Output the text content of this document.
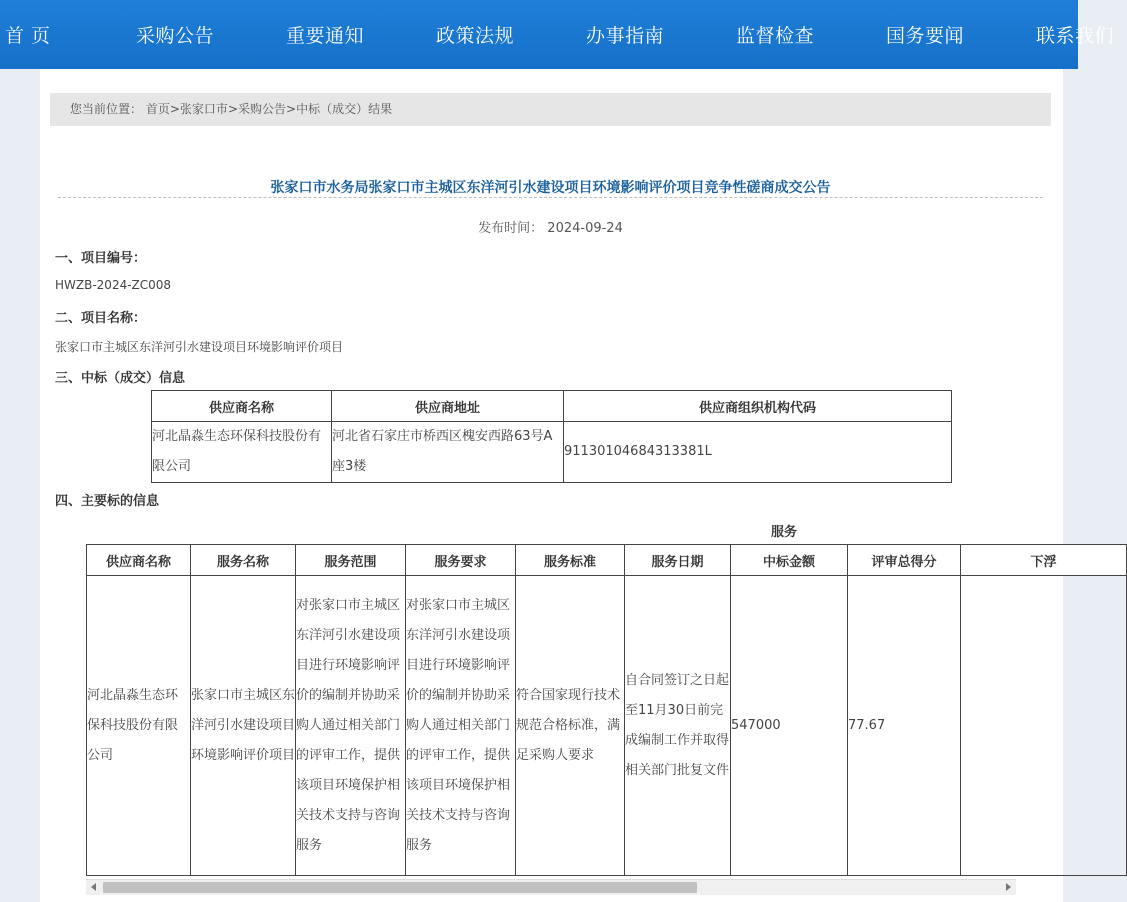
首 页	采购公告	重要通知	政策法规	办事指南	监督检查	国务要闻	联系我们
您当前位置： 首页>张家口市>采购公告>中标（成交）结果
张家口市水务局张家口市主城区东洋河引水建设项目环境影响评价项目竞争性磋商成交公告
发布时间： 2024-09-24
一、项目编号：
HWZB-2024-ZC008
二、项目名称：
张家口市主城区东洋河引水建设项目环境影响评价项目
三、中标（成交）信息
供应商名称	供应商地址	供应商组织机构代码
河北晶淼生态环保科技股份有限公司	河北省石家庄市桥西区槐安西路63号A座3楼	91130104684313381L
四、主要标的信息
服务
供应商名称	服务名称	服务范围	服务要求	服务标准	服务日期	中标金额	评审总得分	下浮
河北晶淼生态环保科技股份有限公司	张家口市主城区东洋河引水建设项目环境影响评价项目	对张家口市主城区东洋河引水建设项目进行环境影响评价的编制并协助采购人通过相关部门的评审工作，提供该项目环境保护相关技术支持与咨询服务	对张家口市主城区东洋河引水建设项目进行环境影响评价的编制并协助采购人通过相关部门的评审工作，提供该项目环境保护相关技术支持与咨询服务	符合国家现行技术规范合格标准，满足采购人要求	自合同签订之日起至11月30日前完成编制工作并取得相关部门批复文件	547000	77.67	
